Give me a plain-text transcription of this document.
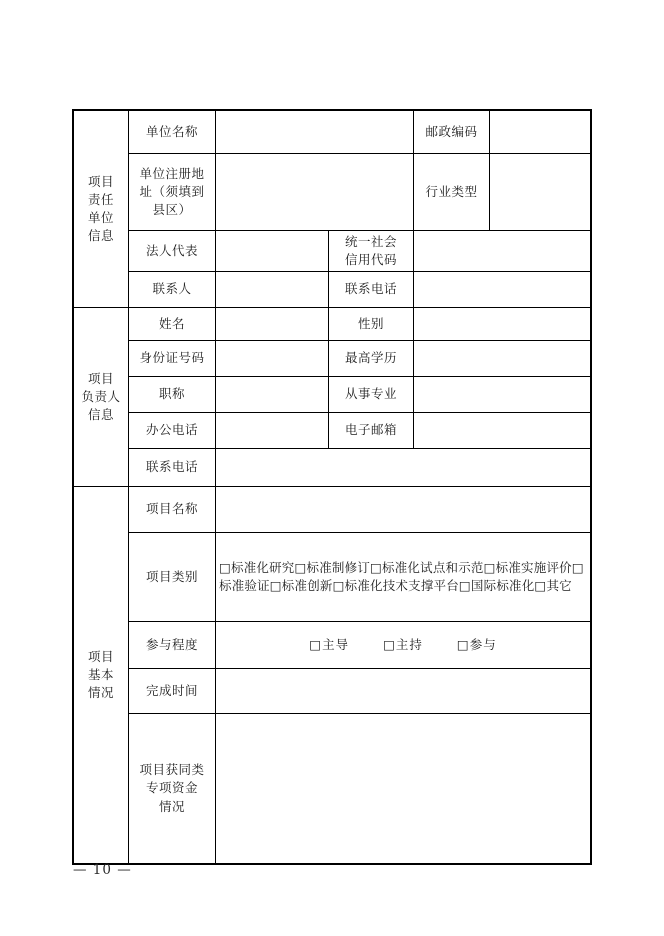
项目
责任
单位
信息	单位名称			邮政编码	

	单位注册地
址（须填到
县区）			行业类型	
	法人代表		统一社会
信用代码		

	联系人		联系电话		

项目
负责人
信息	姓名		性别		
	身份证号码		最高学历		
	职称		从事专业		
	办公电话		电子邮箱		
	联系电话				

项目
基本
情况	项目名称				
	项目类别	□标准化研究□标准制修订□标准化试点和示范□标准实施评价□标准验证□标准创新□标准化技术支撑平台□国际标准化□其它			
	参与程度	□主导 □主持 □参与			
	完成时间				

	项目获同类
专项资金
情况				

— 10 —
